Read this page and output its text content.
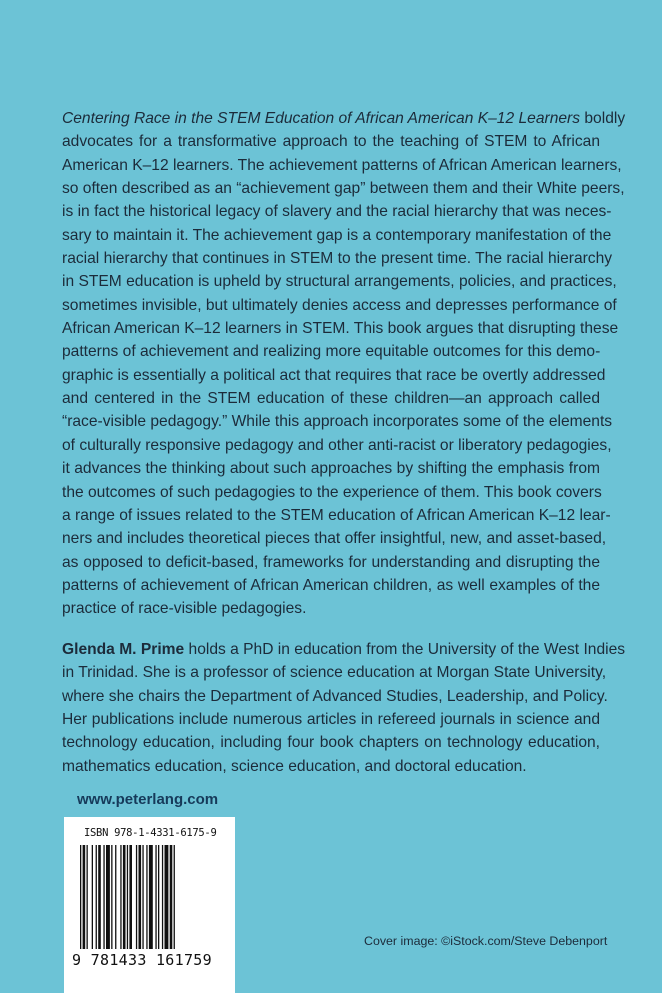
Centering Race in the STEM Education of African American K–12 Learners boldly
advocates for a transformative approach to the teaching of STEM to African
American K–12 learners. The achievement patterns of African American learners,
so often described as an “achievement gap” between them and their White peers,
is in fact the historical legacy of slavery and the racial hierarchy that was neces-
sary to maintain it. The achievement gap is a contemporary manifestation of the
racial hierarchy that continues in STEM to the present time. The racial hierarchy
in STEM education is upheld by structural arrangements, policies, and practices,
sometimes invisible, but ultimately denies access and depresses performance of
African American K–12 learners in STEM. This book argues that disrupting these
patterns of achievement and realizing more equitable outcomes for this demo-
graphic is essentially a political act that requires that race be overtly addressed
and centered in the STEM education of these children—an approach called
“race-visible pedagogy.” While this approach incorporates some of the elements
of culturally responsive pedagogy and other anti-racist or liberatory pedagogies,
it advances the thinking about such approaches by shifting the emphasis from
the outcomes of such pedagogies to the experience of them. This book covers
a range of issues related to the STEM education of African American K–12 lear-
ners and includes theoretical pieces that offer insightful, new, and asset-based,
as opposed to deficit-based, frameworks for understanding and disrupting the
patterns of achievement of African American children, as well examples of the
practice of race-visible pedagogies.
Glenda M. Prime holds a PhD in education from the University of the West Indies
in Trinidad. She is a professor of science education at Morgan State University,
where she chairs the Department of Advanced Studies, Leadership, and Policy.
Her publications include numerous articles in refereed journals in science and
technology education, including four book chapters on technology education,
mathematics education, science education, and doctoral education.
www.peterlang.com
ISBN 978-1-4331-6175-9
9 781433 161759
Cover image: ©iStock.com/Steve Debenport
